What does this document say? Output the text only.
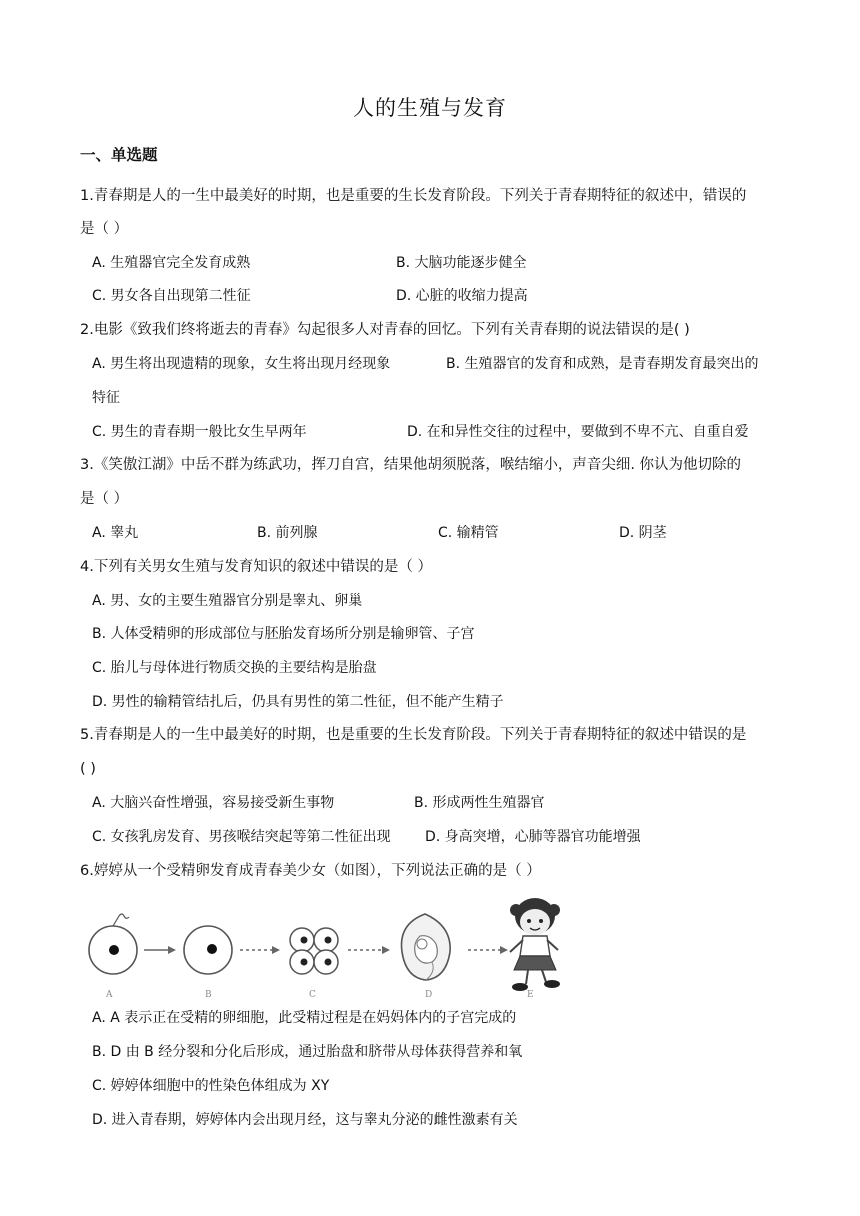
人的生殖与发育
一、单选题
1.青春期是人的一生中最美好的时期，也是重要的生长发育阶段。下列关于青春期特征的叙述中，错误的
是（ ）
A. 生殖器官完全发育成熟	B. 大脑功能逐步健全
C. 男女各自出现第二性征	D. 心脏的收缩力提高
2.电影《致我们终将逝去的青春》勾起很多人对青春的回忆。下列有关青春期的说法错误的是( )
A. 男生将出现遗精的现象，女生将出现月经现象	B. 生殖器官的发育和成熟，是青春期发育最突出的
特征
C. 男生的青春期一般比女生早两年	D. 在和异性交往的过程中，要做到不卑不亢、自重自爱
3.《笑傲江湖》中岳不群为练武功，挥刀自宫，结果他胡须脱落，喉结缩小，声音尖细. 你认为他切除的
是（ ）
A. 睾丸	B. 前列腺	C. 输精管	D. 阴茎
4.下列有关男女生殖与发育知识的叙述中错误的是（ ）
A. 男、女的主要生殖器官分别是睾丸、卵巢
B. 人体受精卵的形成部位与胚胎发育场所分别是输卵管、子宫
C. 胎儿与母体进行物质交换的主要结构是胎盘
D. 男性的输精管结扎后，仍具有男性的第二性征，但不能产生精子
5.青春期是人的一生中最美好的时期，也是重要的生长发育阶段。下列关于青春期特征的叙述中错误的是
( )
A. 大脑兴奋性增强，容易接受新生事物	B. 形成两性生殖器官
C. 女孩乳房发育、男孩喉结突起等第二性征出现 D. 身高突增，心肺等器官功能增强
6.婷婷从一个受精卵发育成青春美少女（如图），下列说法正确的是（ ）
A	B	C	D	E
A. A 表示正在受精的卵细胞，此受精过程是在妈妈体内的子宫完成的
B. D 由 B 经分裂和分化后形成，通过胎盘和脐带从母体获得营养和氧
C. 婷婷体细胞中的性染色体组成为 XY
D. 进入青春期，婷婷体内会出现月经，这与睾丸分泌的雌性激素有关
